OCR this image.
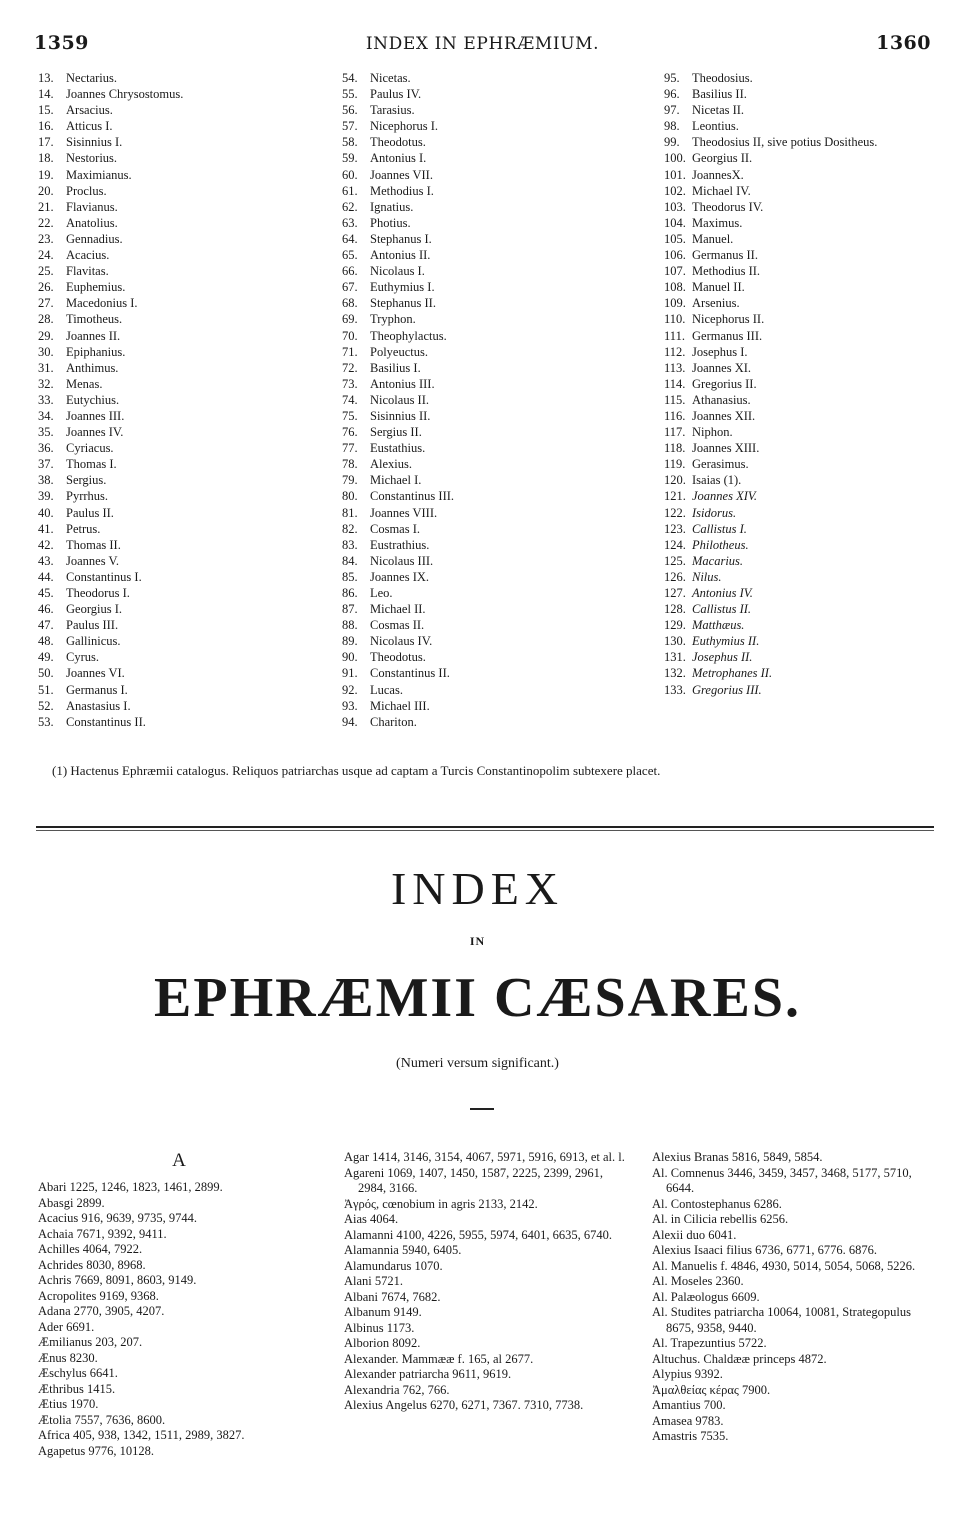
1359	INDEX IN EPHRÆMIUM.	1360
13. Nectarius.
14. Joannes Chrysostomus.
15. Arsacius.
16. Atticus I.
17. Sisinnius I.
18. Nestorius.
19. Maximianus.
20. Proclus.
21. Flavianus.
22. Anatolius.
23. Gennadius.
24. Acacius.
25. Flavitas.
26. Euphemius.
27. Macedonius I.
28. Timotheus.
29. Joannes II.
30. Epiphanius.
31. Anthimus.
32. Menas.
33. Eutychius.
34. Joannes III.
35. Joannes IV.
36. Cyriacus.
37. Thomas I.
38. Sergius.
39. Pyrrhus.
40. Paulus II.
41. Petrus.
42. Thomas II.
43. Joannes V.
44. Constantinus I.
45. Theodorus I.
46. Georgius I.
47. Paulus III.
48. Gallinicus.
49. Cyrus.
50. Joannes VI.
51. Germanus I.
52. Anastasius I.
53. Constantinus II.
54. Nicetas.
55. Paulus IV.
56. Tarasius.
57. Nicephorus I.
58. Theodotus.
59. Antonius I.
60. Joannes VII.
61. Methodius I.
62. Ignatius.
63. Photius.
64. Stephanus I.
65. Antonius II.
66. Nicolaus I.
67. Euthymius I.
68. Stephanus II.
69. Tryphon.
70. Theophylactus.
71. Polyeuctus.
72. Basilius I.
73. Antonius III.
74. Nicolaus II.
75. Sisinnius II.
76. Sergius II.
77. Eustathius.
78. Alexius.
79. Michael I.
80. Constantinus III.
81. Joannes VIII.
82. Cosmas I.
83. Eustrathius.
84. Nicolaus III.
85. Joannes IX.
86. Leo.
87. Michael II.
88. Cosmas II.
89. Nicolaus IV.
90. Theodotus.
91. Constantinus II.
92. Lucas.
93. Michael III.
94. Chariton.
95. Theodosius.
96. Basilius II.
97. Nicetas II.
98. Leontius.
99. Theodosius II, sive potius Dositheus.
100. Georgius II.
101. JoannesX.
102. Michael IV.
103. Theodorus IV.
104. Maximus.
105. Manuel.
106. Germanus II.
107. Methodius II.
108. Manuel II.
109. Arsenius.
110. Nicephorus II.
111. Germanus III.
112. Josephus I.
113. Joannes XI.
114. Gregorius II.
115. Athanasius.
116. Joannes XII.
117. Niphon.
118. Joannes XIII.
119. Gerasimus.
120. Isaias (1).
121. Joannes XIV.
122. Isidorus.
123. Callistus I.
124. Philotheus.
125. Macarius.
126. Nilus.
127. Antonius IV.
128. Callistus II.
129. Matthæus.
130. Euthymius II.
131. Josephus II.
132. Metrophanes II.
133. Gregorius III.
(1) Hactenus Ephræmii catalogus. Reliquos patriarchas usque ad captam a Turcis Constantinopolim subtexere placet.
INDEX
IN
EPHRÆMII CÆSARES.
(Numeri versum significant.)
A
Abari 1225, 1246, 1823, 1461, 2899.
Abasgi 2899.
Acacius 916, 9639, 9735, 9744.
Achaia 7671, 9392, 9411.
Achilles 4064, 7922.
Achrides 8030, 8968.
Achris 7669, 8091, 8603, 9149.
Acropolites 9169, 9368.
Adana 2770, 3905, 4207.
Ader 6691.
Æmilianus 203, 207.
Ænus 8230.
Æschylus 6641.
Æthribus 1415.
Ætius 1970.
Ætolia 7557, 7636, 8600.
Africa 405, 938, 1342, 1511, 2989, 3827.
Agapetus 9776, 10128.
Agar 1414, 3146, 3154, 4067, 5971, 5916, 6913, et al. l.
Agareni 1069, 1407, 1450, 1587, 2225, 2399, 2961, 2984, 3166.
Ἀγρός, cœnobium in agris 2133, 2142.
Aias 4064.
Alamanni 4100, 4226, 5955, 5974, 6401, 6635, 6740.
Alamannia 5940, 6405.
Alamundarus 1070.
Alani 5721.
Albani 7674, 7682.
Albanum 9149.
Albinus 1173.
Alborion 8092.
Alexander. Mammææ f. 165, al 2677.
Alexander patriarcha 9611, 9619.
Alexandria 762, 766.
Alexius Angelus 6270, 6271, 7367. 7310, 7738.
Alexius Branas 5816, 5849, 5854.
Al. Comnenus 3446, 3459, 3457, 3468, 5177, 5710, 6644.
Al. Contostephanus 6286.
Al. in Cilicia rebellis 6256.
Alexii duo 6041.
Alexius Isaaci filius 6736, 6771, 6776. 6876.
Al. Manuelis f. 4846, 4930, 5014, 5054, 5068, 5226.
Al. Moseles 2360.
Al. Palæologus 6609.
Al. Studites patriarcha 10064, 10081, Strategopulus 8675, 9358, 9440.
Al. Trapezuntius 5722.
Altuchus. Chaldææ princeps 4872.
Alypius 9392.
Ἀμαλθείας κέρας 7900.
Amantius 700.
Amasea 9783.
Amastris 7535.
